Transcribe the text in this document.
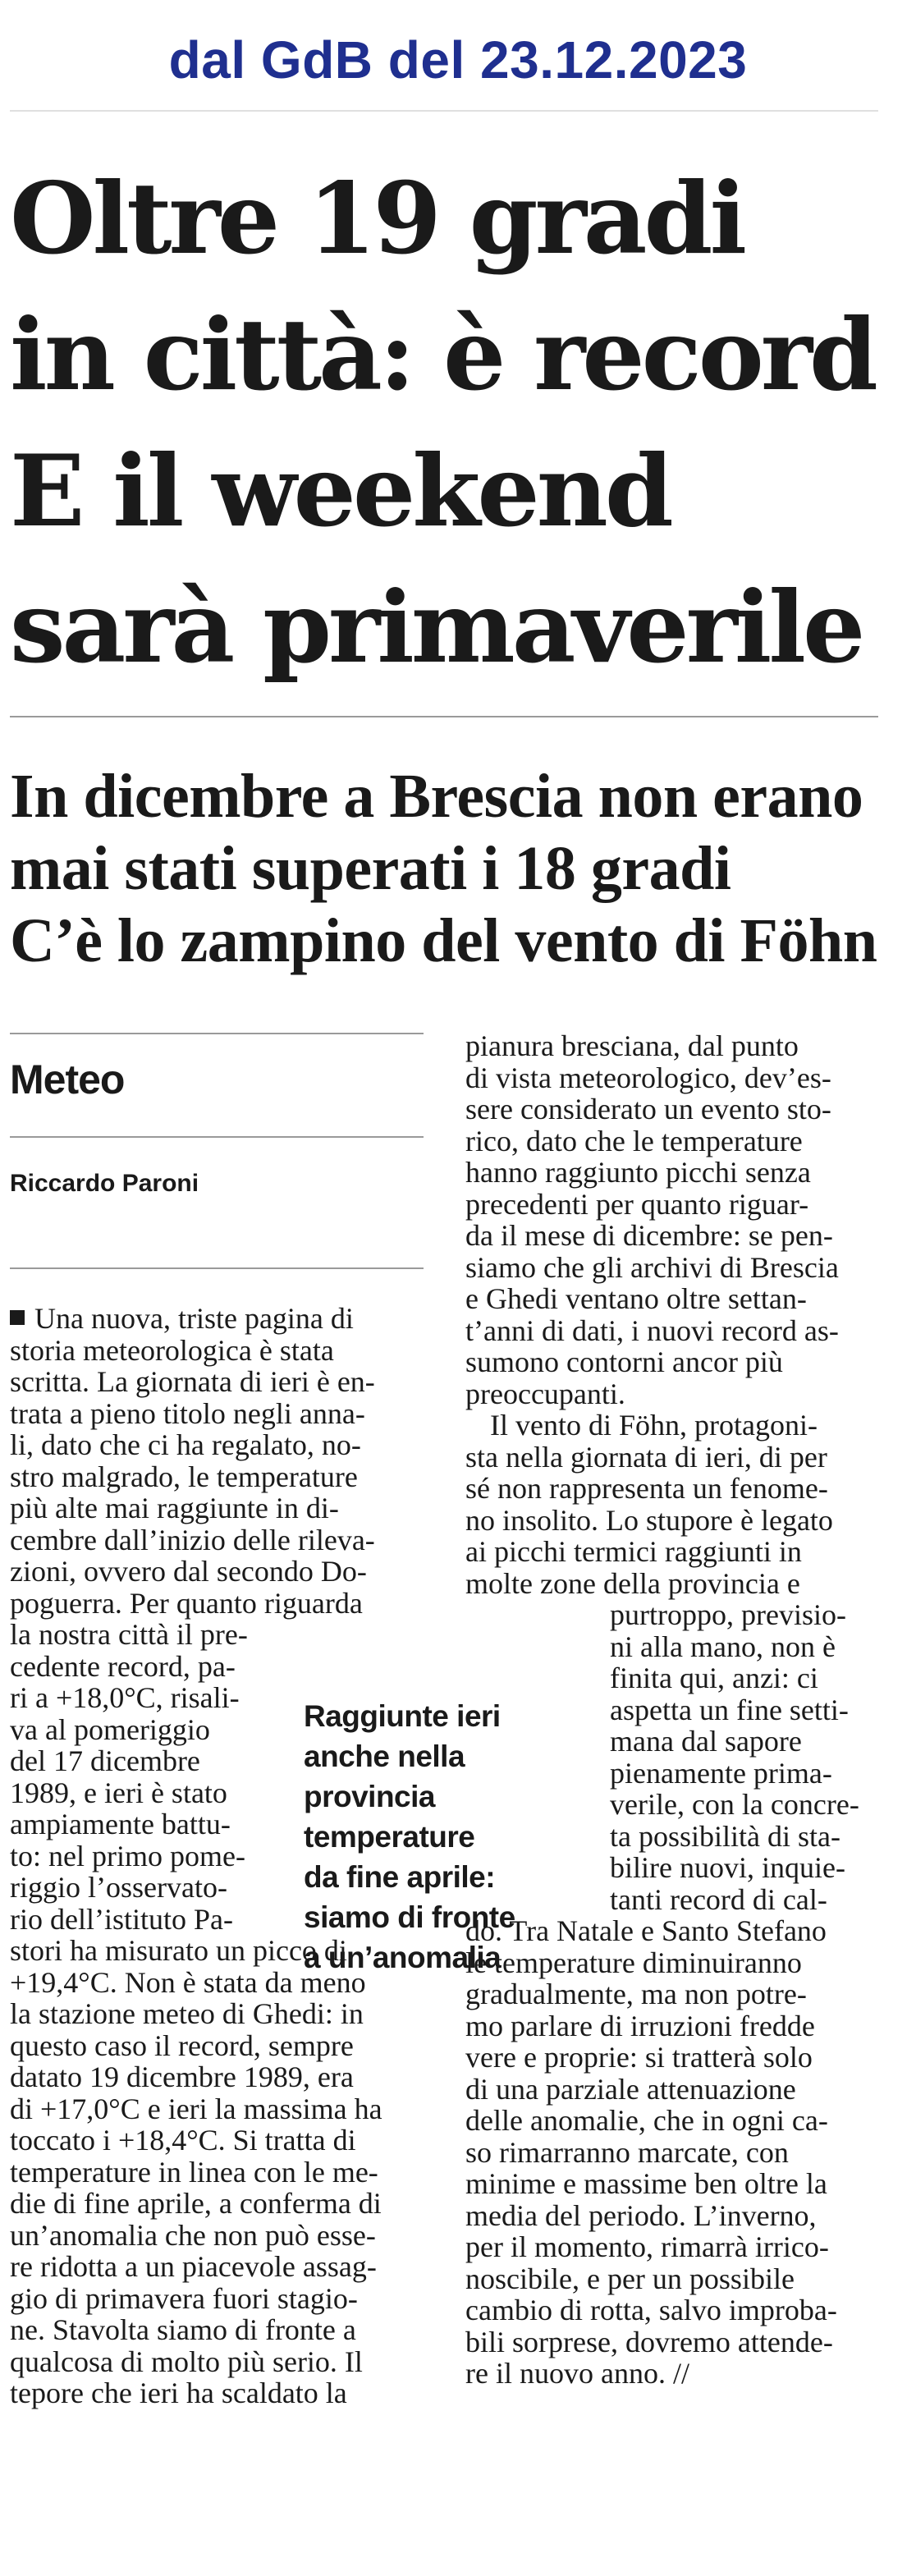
dal GdB del 23.12.2023
Oltre 19 gradi
in città: è record
E il weekend
sarà primaverile
In dicembre a Brescia non erano
mai stati superati i 18 gradi
C’è lo zampino del vento di Föhn
Meteo
Riccardo Paroni
Una nuova, triste pagina di
storia meteorologica è stata
scritta. La giornata di ieri è en-
trata a pieno titolo negli anna-
li, dato che ci ha regalato, no-
stro malgrado, le temperature
più alte mai raggiunte in di-
cembre dall’inizio delle rileva-
zioni, ovvero dal secondo Do-
poguerra. Per quanto riguarda
la nostra città il pre-
cedente record, pa-
ri a +18,0°C, risali-
va al pomeriggio
del 17 dicembre
1989, e ieri è stato
ampiamente battu-
to: nel primo pome-
riggio l’osservato-
rio dell’istituto Pa-
stori ha misurato un picco di
+19,4°C. Non è stata da meno
la stazione meteo di Ghedi: in
questo caso il record, sempre
datato 19 dicembre 1989, era
di +17,0°C e ieri la massima ha
toccato i +18,4°C. Si tratta di
temperature in linea con le me-
die di fine aprile, a conferma di
un’anomalia che non può esse-
re ridotta a un piacevole assag-
gio di primavera fuori stagio-
ne. Stavolta siamo di fronte a
qualcosa di molto più serio. Il
tepore che ieri ha scaldato la
Raggiunte ieri
anche nella
provincia
temperature
da fine aprile:
siamo di fronte
a un’anomalia
pianura bresciana, dal punto
di vista meteorologico, dev’es-
sere considerato un evento sto-
rico, dato che le temperature
hanno raggiunto picchi senza
precedenti per quanto riguar-
da il mese di dicembre: se pen-
siamo che gli archivi di Brescia
e Ghedi ventano oltre settan-
t’anni di dati, i nuovi record as-
sumono contorni ancor più
preoccupanti.
Il vento di Föhn, protagoni-
sta nella giornata di ieri, di per
sé non rappresenta un fenome-
no insolito. Lo stupore è legato
ai picchi termici raggiunti in
molte zone della provincia e
purtroppo, previsio-
ni alla mano, non è
finita qui, anzi: ci
aspetta un fine setti-
mana dal sapore
pienamente prima-
verile, con la concre-
ta possibilità di sta-
bilire nuovi, inquie-
tanti record di cal-
do. Tra Natale e Santo Stefano
le temperature diminuiranno
gradualmente, ma non potre-
mo parlare di irruzioni fredde
vere e proprie: si tratterà solo
di una parziale attenuazione
delle anomalie, che in ogni ca-
so rimarranno marcate, con
minime e massime ben oltre la
media del periodo. L’inverno,
per il momento, rimarrà irrico-
noscibile, e per un possibile
cambio di rotta, salvo improba-
bili sorprese, dovremo attende-
re il nuovo anno. //
